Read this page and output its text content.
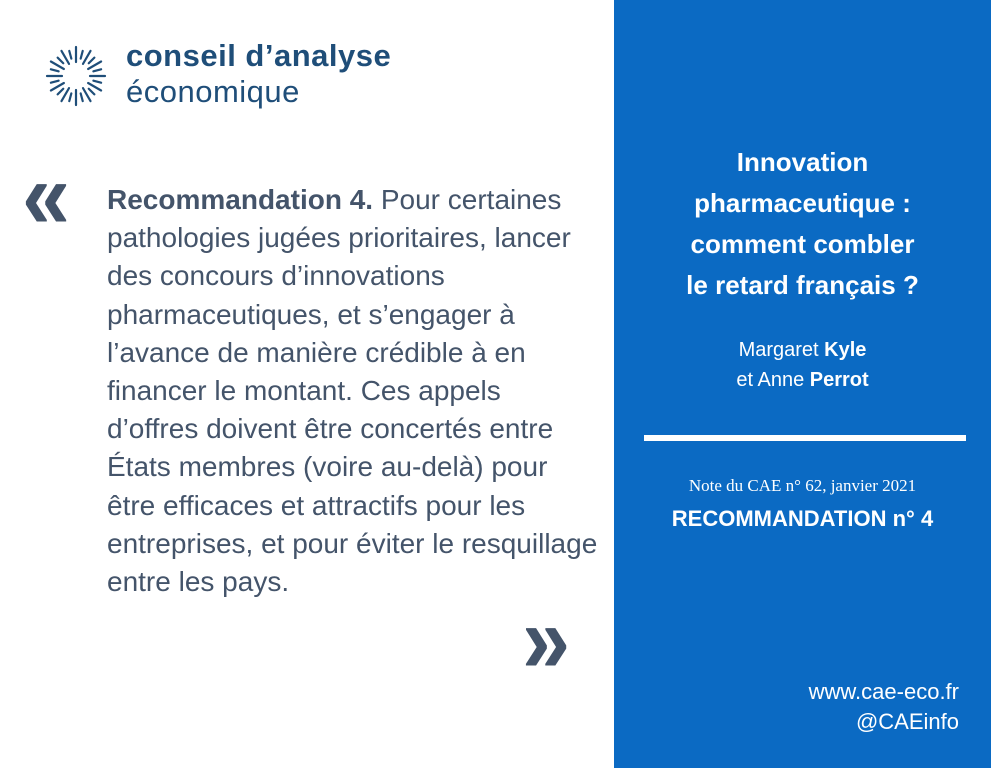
conseil d’analyse
économique
« Recommandation 4. Pour certaines pathologies jugées prioritaires, lancer des concours d’innovations pharmaceutiques, et s’engager à l’avance de manière crédible à en financer le montant. Ces appels d’offres doivent être concertés entre États membres (voire au-delà) pour être efficaces et attractifs pour les entreprises, et pour éviter le resquillage entre les pays.

»
Innovation
pharmaceutique :
comment combler
le retard français ?
Margaret Kyle
et Anne Perrot
Note du CAE n° 62, janvier 2021
RECOMMANDATION n° 4
www.cae-eco.fr
@CAEinfo
